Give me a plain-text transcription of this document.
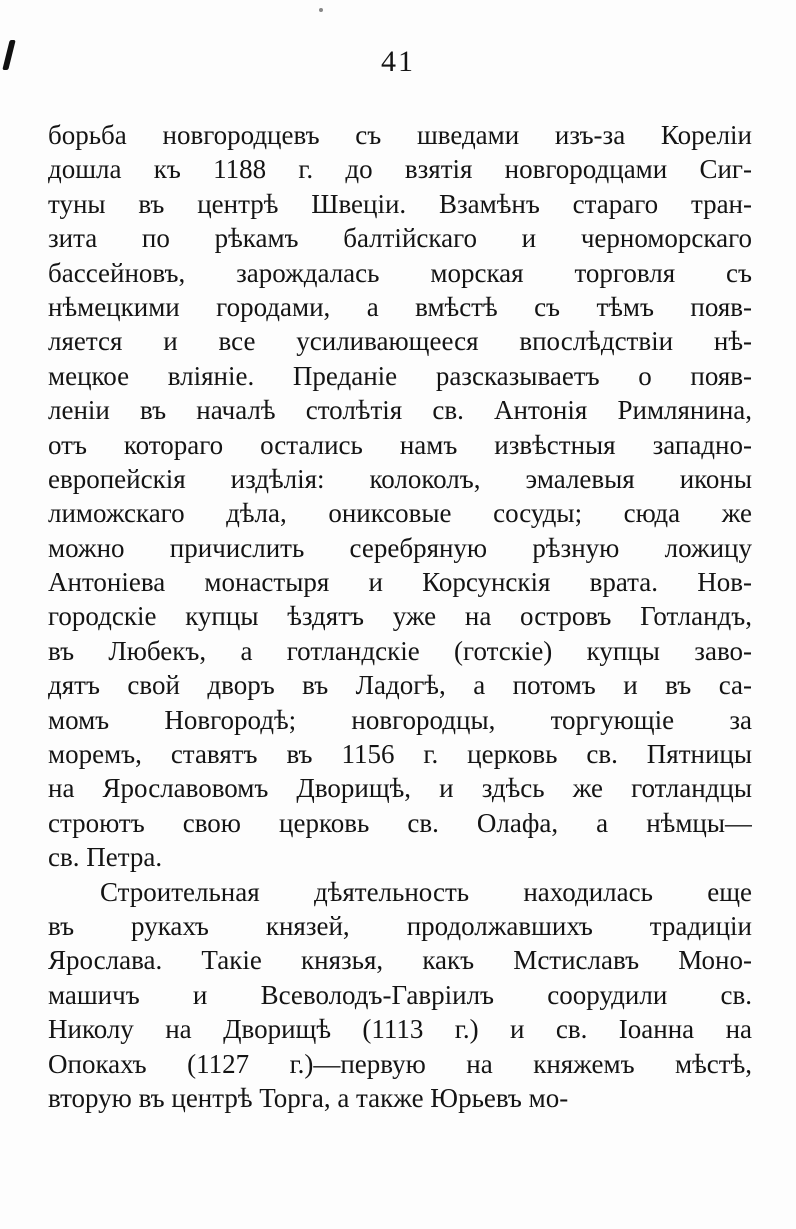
41
борьба новгородцевъ съ шведами изъ-за Корелiи
дошла къ 1188 г. до взятiя новгородцами Сиг-
туны въ центрѣ Швецiи. Взамѣнъ стараго тран-
зита по рѣкамъ балтiйскаго и черноморскаго
бассейновъ, зарождалась морская торговля съ
нѣмецкими городами, а вмѣстѣ съ тѣмъ появ-
ляется и все усиливающееся впослѣдствiи нѣ-
мецкое влiянiе. Преданiе разсказываетъ о появ-
ленiи въ началѣ столѣтiя св. Антонiя Римлянина,
отъ котораго остались намъ извѣстныя западно-
европейскiя издѣлiя: колоколъ, эмалевыя иконы
лиможскаго дѣла, ониксовые сосуды; сюда же
можно причислить серебряную рѣзную ложицу
Антонiева монастыря и Корсунскiя врата. Нов-
городскiе купцы ѣздятъ уже на островъ Готландъ,
въ Любекъ, а готландскiе (готскiе) купцы заво-
дятъ свой дворъ въ Ладогѣ, а потомъ и въ са-
момъ Новгородѣ; новгородцы, торгующiе за
моремъ, ставятъ въ 1156 г. церковь св. Пятницы
на Ярославовомъ Дворищѣ, и здѣсь же готландцы
строютъ свою церковь св. Олафа, а нѣмцы—
св. Петра.
Строительная дѣятельность находилась еще
въ рукахъ князей, продолжавшихъ традицiи
Ярослава. Такiе князья, какъ Мстиславъ Моно-
машичъ и Всеволодъ-Гаврiилъ соорудили св.
Николу на Дворищѣ (1113 г.) и св. Іоанна на
Опокахъ (1127 г.)—первую на княжемъ мѣстѣ,
вторую въ центрѣ Торга, а также Юрьевъ мо-
